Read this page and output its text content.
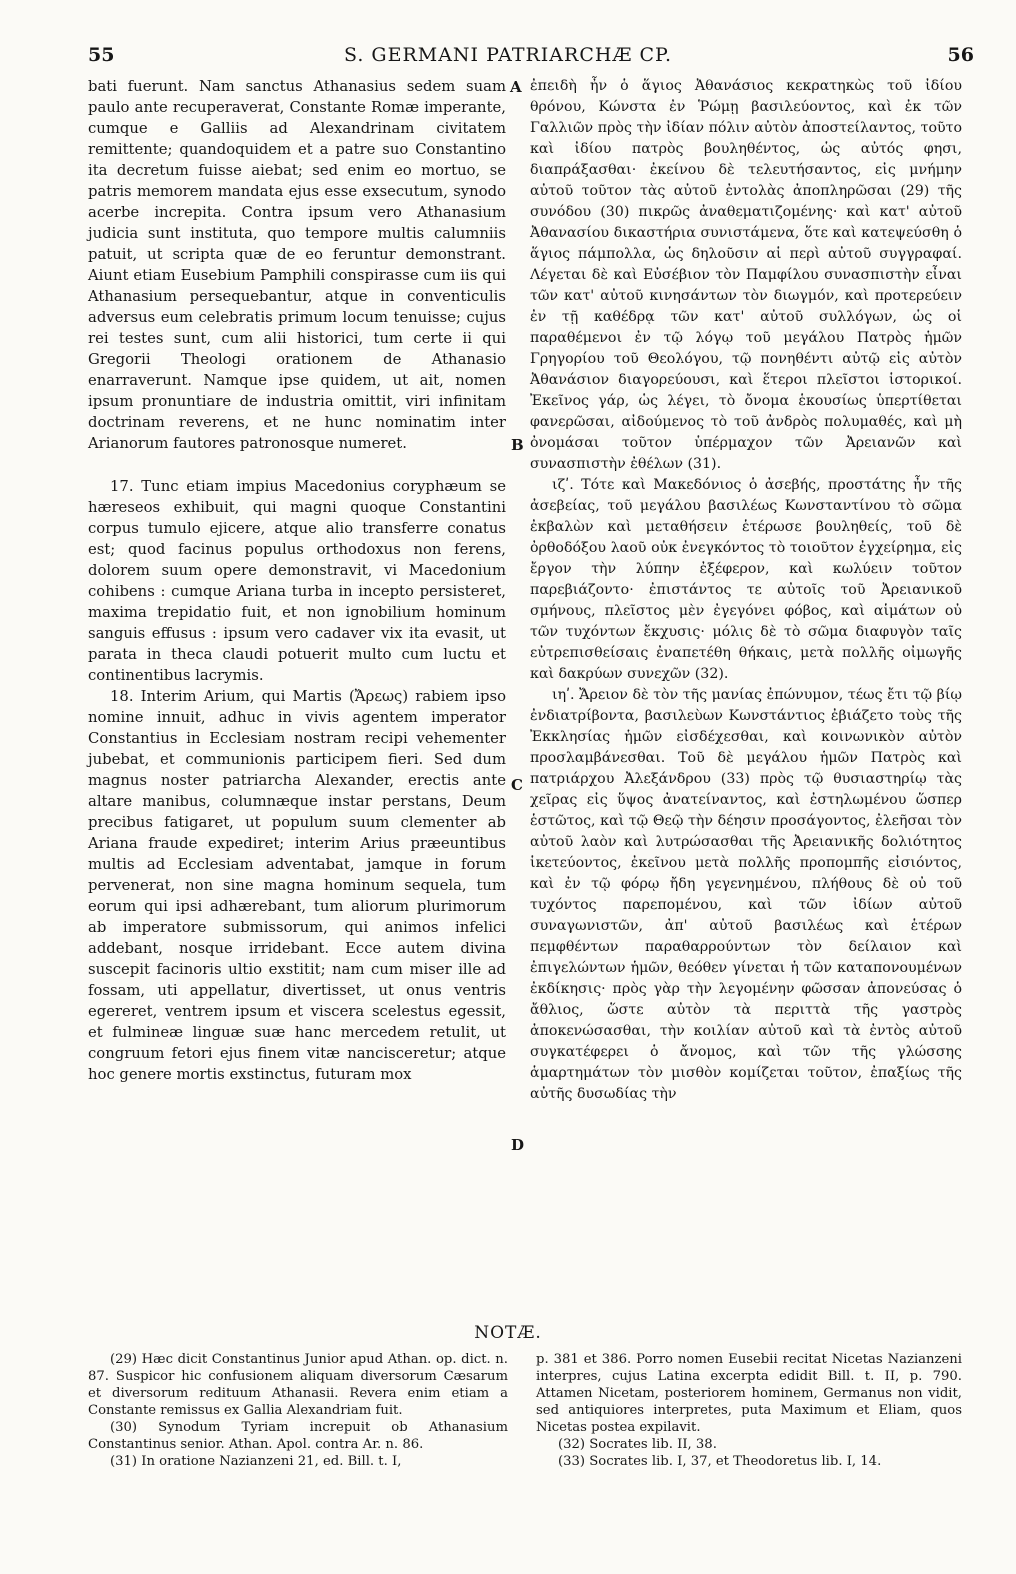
55	S. GERMANI PATRIARCHÆ CP.	56

bati fuerunt. Nam sanctus Athanasius sedem suam paulo ante recuperaverat, Constante Romæ imperante, cumque e Galliis ad Alexandrinam civitatem remittente; quandoquidem et a patre suo Constantino ita decretum fuisse aiebat; sed enim eo mortuo, se patris memorem mandata ejus esse exsecutum, synodo acerbe increpita. Contra ipsum vero Athanasium judicia sunt instituta, quo tempore multis calumniis patuit, ut scripta quæ de eo feruntur demonstrant. Aiunt etiam Eusebium Pamphili conspirasse cum iis qui Athanasium persequebantur, atque in conventiculis adversus eum celebratis primum locum tenuisse; cujus rei testes sunt, cum alii historici, tum certe ii qui Gregorii Theologi orationem de Athanasio enarraverunt. Namque ipse quidem, ut ait, nomen ipsum pronuntiare de industria omittit, viri infinitam doctrinam reverens, et ne hunc nominatim inter Arianorum fautores patronosque numeret.

17. Tunc etiam impius Macedonius coryphæum se hæreseos exhibuit, qui magni quoque Constantini corpus tumulo ejicere, atque alio transferre conatus est; quod facinus populus orthodoxus non ferens, dolorem suum opere demonstravit, vi Macedonium cohibens : cumque Ariana turba in incepto persisteret, maxima trepidatio fuit, et non ignobilium hominum sanguis effusus : ipsum vero cadaver vix ita evasit, ut parata in theca claudi potuerit multo cum luctu et continentibus lacrymis.

18. Interim Arium, qui Martis (Ἄρεως) rabiem ipso nomine innuit, adhuc in vivis agentem imperator Constantius in Ecclesiam nostram recipi vehementer jubebat, et communionis participem fieri. Sed dum magnus noster patriarcha Alexander, erectis ante altare manibus, columnæque instar perstans, Deum precibus fatigaret, ut populum suum clementer ab Ariana fraude expediret; interim Arius præeuntibus multis ad Ecclesiam adventabat, jamque in forum pervenerat, non sine magna hominum sequela, tum eorum qui ipsi adhærebant, tum aliorum plurimorum ab imperatore submissorum, qui animos infelici addebant, nosque irridebant. Ecce autem divina suscepit facinoris ultio exstitit; nam cum miser ille ad fossam, uti appellatur, divertisset, ut onus ventris egereret, ventrem ipsum et viscera scelestus egessit, et fulmineæ linguæ suæ hanc mercedem retulit, ut congruum fetori ejus finem vitæ nancisceretur; atque hoc genere mortis exstinctus, futuram mox

ἐπειδὴ ἦν ὁ ἅγιος Ἀθανάσιος κεκρατηκὼς τοῦ ἰδίου θρόνου, Κώνστα ἐν Ῥώμῃ βασιλεύοντος, καὶ ἐκ τῶν Γαλλιῶν πρὸς τὴν ἰδίαν πόλιν αὐτὸν ἀποστείλαντος, τοῦτο καὶ ἰδίου πατρὸς βουληθέντος, ὡς αὐτός φησι, διαπράξασθαι· ἐκείνου δὲ τελευτήσαντος, εἰς μνήμην αὐτοῦ τοῦτον τὰς αὐτοῦ ἐντολὰς ἀποπληρῶσαι (29) τῆς συνόδου (30) πικρῶς ἀναθεματιζομένης· καὶ κατ' αὐτοῦ Ἀθανασίου δικαστήρια συνιστάμενα, ὅτε καὶ κατεψεύσθη ὁ ἅγιος πάμπολλα, ὡς δηλοῦσιν αἱ περὶ αὐτοῦ συγγραφαί. Λέγεται δὲ καὶ Εὐσέβιον τὸν Παμφίλου συνασπιστὴν εἶναι τῶν κατ' αὐτοῦ κινησάντων τὸν διωγμόν, καὶ προτερεύειν ἐν τῇ καθέδρᾳ τῶν κατ' αὐτοῦ συλλόγων, ὡς οἱ παραθέμενοι ἐν τῷ λόγῳ τοῦ μεγάλου Πατρὸς ἡμῶν Γρηγορίου τοῦ Θεολόγου, τῷ πονηθέντι αὐτῷ εἰς αὐτὸν Ἀθανάσιον διαγορεύουσι, καὶ ἕτεροι πλεῖστοι ἱστορικοί. Ἐκεῖνος γάρ, ὡς λέγει, τὸ ὄνομα ἑκουσίως ὑπερτίθεται φανερῶσαι, αἰδούμενος τὸ τοῦ ἀνδρὸς πολυμαθές, καὶ μὴ ὀνομάσαι τοῦτον ὑπέρμαχον τῶν Ἀρειανῶν καὶ συνασπιστὴν ἐθέλων (31).

ιζʹ. Τότε καὶ Μακεδόνιος ὁ ἀσεβής, προστάτης ἦν τῆς ἀσεβείας, τοῦ μεγάλου βασιλέως Κωνσταντίνου τὸ σῶμα ἐκβαλὼν καὶ μεταθήσειν ἑτέρωσε βουληθείς, τοῦ δὲ ὀρθοδόξου λαοῦ οὐκ ἐνεγκόντος τὸ τοιοῦτον ἐγχείρημα, εἰς ἔργον τὴν λύπην ἐξέφερον, καὶ κωλύειν τοῦτον παρεβιάζοντο· ἐπιστάντος τε αὐτοῖς τοῦ Ἀρειανικοῦ σμήνους, πλεῖστος μὲν ἐγεγόνει φόβος, καὶ αἱμάτων οὐ τῶν τυχόντων ἔκχυσις· μόλις δὲ τὸ σῶμα διαφυγὸν ταῖς εὐτρεπισθείσαις ἐναπετέθη θήκαις, μετὰ πολλῆς οἰμωγῆς καὶ δακρύων συνεχῶν (32).

ιηʹ. Ἄρειον δὲ τὸν τῆς μανίας ἐπώνυμον, τέως ἔτι τῷ βίῳ ἐνδιατρίβοντα, βασιλεὺων Κωνστάντιος ἐβιάζετο τοὺς τῆς Ἐκκλησίας ἡμῶν εἰσδέχεσθαι, καὶ κοινωνικὸν αὐτὸν προσλαμβάνεσθαι. Τοῦ δὲ μεγάλου ἡμῶν Πατρὸς καὶ πατριάρχου Ἀλεξάνδρου (33) πρὸς τῷ θυσιαστηρίῳ τὰς χεῖρας εἰς ὕψος ἀνατείναντος, καὶ ἐστηλωμένου ὥσπερ ἑστῶτος, καὶ τῷ Θεῷ τὴν δέησιν προσάγοντος, ἐλεῆσαι τὸν αὐτοῦ λαὸν καὶ λυτρώσασθαι τῆς Ἀρειανικῆς δολιότητος ἱκετεύοντος, ἐκεῖνου μετὰ πολλῆς προπομπῆς εἰσιόντος, καὶ ἐν τῷ φόρῳ ἤδη γεγενημένου, πλήθους δὲ οὐ τοῦ τυχόντος παρεπομένου, καὶ τῶν ἰδίων αὐτοῦ συναγωνιστῶν, ἀπ' αὐτοῦ βασιλέως καὶ ἑτέρων πεμφθέντων παραθαρρούντων τὸν δείλαιον καὶ ἐπιγελώντων ἡμῶν, θεόθεν γίνεται ἡ τῶν καταπονουμένων ἐκδίκησις· πρὸς γὰρ τὴν λεγομένην φῶσσαν ἀπονεύσας ὁ ἄθλιος, ὥστε αὐτὸν τὰ περιττὰ τῆς γαστρὸς ἀποκενώσασθαι, τὴν κοιλίαν αὐτοῦ καὶ τὰ ἐντὸς αὐτοῦ συγκατέφερει ὁ ἄνομος, καὶ τῶν τῆς γλώσσης ἁμαρτημάτων τὸν μισθὸν κομίζεται τοῦτον, ἐπαξίως τῆς αὐτῆς δυσωδίας τὴν

A
B
C
D
NOTÆ.

(29) Hæc dicit Constantinus Junior apud Athan. op. dict. n. 87. Suspicor hic confusionem aliquam diversorum Cæsarum et diversorum redituum Athanasii. Revera enim etiam a Constante remissus ex Gallia Alexandriam fuit.

(30) Synodum Tyriam increpuit ob Athanasium Constantinus senior. Athan. Apol. contra Ar. n. 86.

(31) In oratione Nazianzeni 21, ed. Bill. t. I,

p. 381 et 386. Porro nomen Eusebii recitat Nicetas Nazianzeni interpres, cujus Latina excerpta edidit Bill. t. II, p. 790. Attamen Nicetam, posteriorem hominem, Germanus non vidit, sed antiquiores interpretes, puta Maximum et Eliam, quos Nicetas postea expilavit.

(32) Socrates lib. II, 38.

(33) Socrates lib. I, 37, et Theodoretus lib. I, 14.
